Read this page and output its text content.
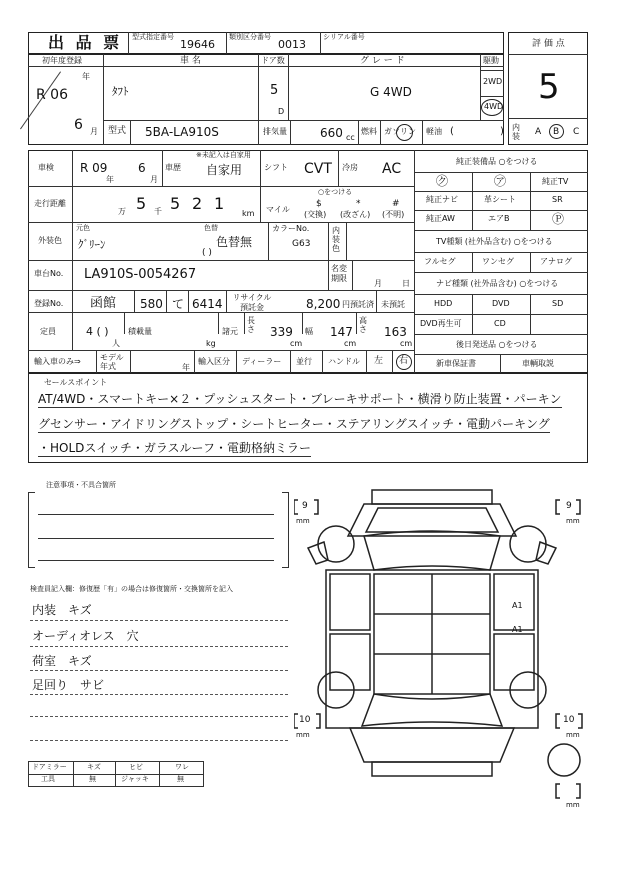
出 品 票 型式指定番号
19646
類別区分番号
0013
シリアル番号
評 価 点
5
内装 A B C
初年度登録
年
R 06
6 月
車 名
ﾀﾌﾄ
ドア数
5
D
グ レ ー ド
G 4WD
駆動
2WD
4WD
型式 5BA-LA910S	排気量	660 cc
燃料 ガソリン 軽油 (	)
車検 R 09
年
6
月
車歴
※未記入は自家用
自家用	シフト CVT 冷房 AC
走行距離
万 5 千 5 2 1
km マイル
○をつける
$
(交換)
*
(改ざん)
#
(不明)
外装色
元色
ｸﾞﾘｰﾝ
色替
色替無
( )
カラーNo.
G63
内装色
車台No. LA910S-0054267	名変期限
月	日
登録No. 函館 580 て 6414	リサイクル預託金	8,200 円預託済 未預託
定員	4 ( )
人
積載量
kg
諸元
長さ 339
cm
幅 147
cm
高さ 163
cm
輸入車のみ⇒ モデル年式	年
輸入区分 ディーラー 並行 ハンドル 左 右
純正装備品 ○をつける
㋗	㋐	純正TV
純正ナビ	革シート	SR
純正AW	エアB	Ⓟ
TV種類 (社外品含む) ○をつける
フルセグ	ワンセグ	アナログ
ナビ種類 (社外品含む) ○をつける
HDD	DVD	SD
DVD再生可	CD
後日発送品 ○をつける
新車保証書	車輌取説
セールスポイント
AT/4WD・スマートキー×２・プッシュスタート・ブレーキサポート・横滑り防止装置・パーキン
グセンサー・アイドリングストップ・シートヒーター・ステアリングスイッチ・電動パーキング
・HOLDスイッチ・ガラスルーフ・電動格納ミラー
注意事項・不具合箇所
検査員記入欄：修復歴「有」の場合は修復箇所・交換箇所を記入
内装　キズ
オーディオレス　穴
荷室　キズ
足回り　サビ
ドアミラー	キズ	ヒビ	ワレ
工具	無	ジャッキ	無
9
mm
9
mm
10
mm
10
mm
mm
A1
A1
